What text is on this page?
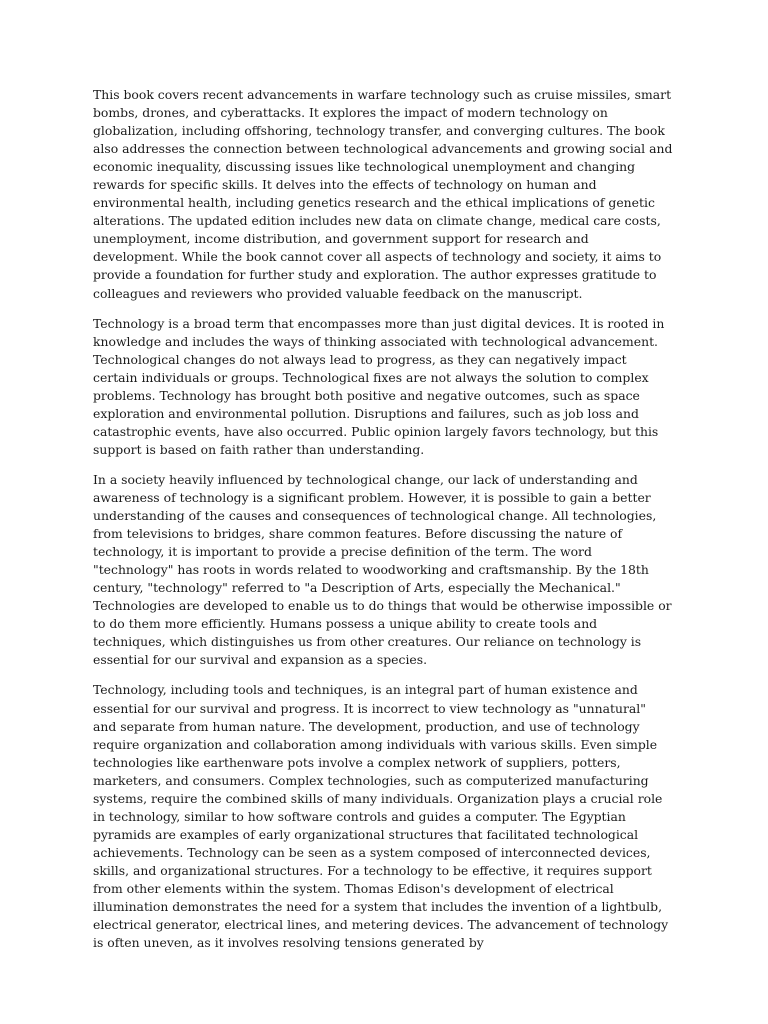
This book covers recent advancements in warfare technology such as cruise missiles, smart bombs, drones, and cyberattacks. It explores the impact of modern technology on globalization, including offshoring, technology transfer, and converging cultures. The book also addresses the connection between technological advancements and growing social and economic inequality, discussing issues like technological unemployment and changing rewards for specific skills. It delves into the effects of technology on human and environmental health, including genetics research and the ethical implications of genetic alterations. The updated edition includes new data on climate change, medical care costs, unemployment, income distribution, and government support for research and development. While the book cannot cover all aspects of technology and society, it aims to provide a foundation for further study and exploration. The author expresses gratitude to colleagues and reviewers who provided valuable feedback on the manuscript.

Technology is a broad term that encompasses more than just digital devices. It is rooted in knowledge and includes the ways of thinking associated with technological advancement. Technological changes do not always lead to progress, as they can negatively impact certain individuals or groups. Technological fixes are not always the solution to complex problems. Technology has brought both positive and negative outcomes, such as space exploration and environmental pollution. Disruptions and failures, such as job loss and catastrophic events, have also occurred. Public opinion largely favors technology, but this support is based on faith rather than understanding.

In a society heavily influenced by technological change, our lack of understanding and awareness of technology is a significant problem. However, it is possible to gain a better understanding of the causes and consequences of technological change. All technologies, from televisions to bridges, share common features. Before discussing the nature of technology, it is important to provide a precise definition of the term. The word "technology" has roots in words related to woodworking and craftsmanship. By the 18th century, "technology" referred to "a Description of Arts, especially the Mechanical." Technologies are developed to enable us to do things that would be otherwise impossible or to do them more efficiently. Humans possess a unique ability to create tools and techniques, which distinguishes us from other creatures. Our reliance on technology is essential for our survival and expansion as a species.

Technology, including tools and techniques, is an integral part of human existence and essential for our survival and progress. It is incorrect to view technology as "unnatural" and separate from human nature. The development, production, and use of technology require organization and collaboration among individuals with various skills. Even simple technologies like earthenware pots involve a complex network of suppliers, potters, marketers, and consumers. Complex technologies, such as computerized manufacturing systems, require the combined skills of many individuals. Organization plays a crucial role in technology, similar to how software controls and guides a computer. The Egyptian pyramids are examples of early organizational structures that facilitated technological achievements. Technology can be seen as a system composed of interconnected devices, skills, and organizational structures. For a technology to be effective, it requires support from other elements within the system. Thomas Edison's development of electrical illumination demonstrates the need for a system that includes the invention of a lightbulb, electrical generator, electrical lines, and metering devices. The advancement of technology is often uneven, as it involves resolving tensions generated by
